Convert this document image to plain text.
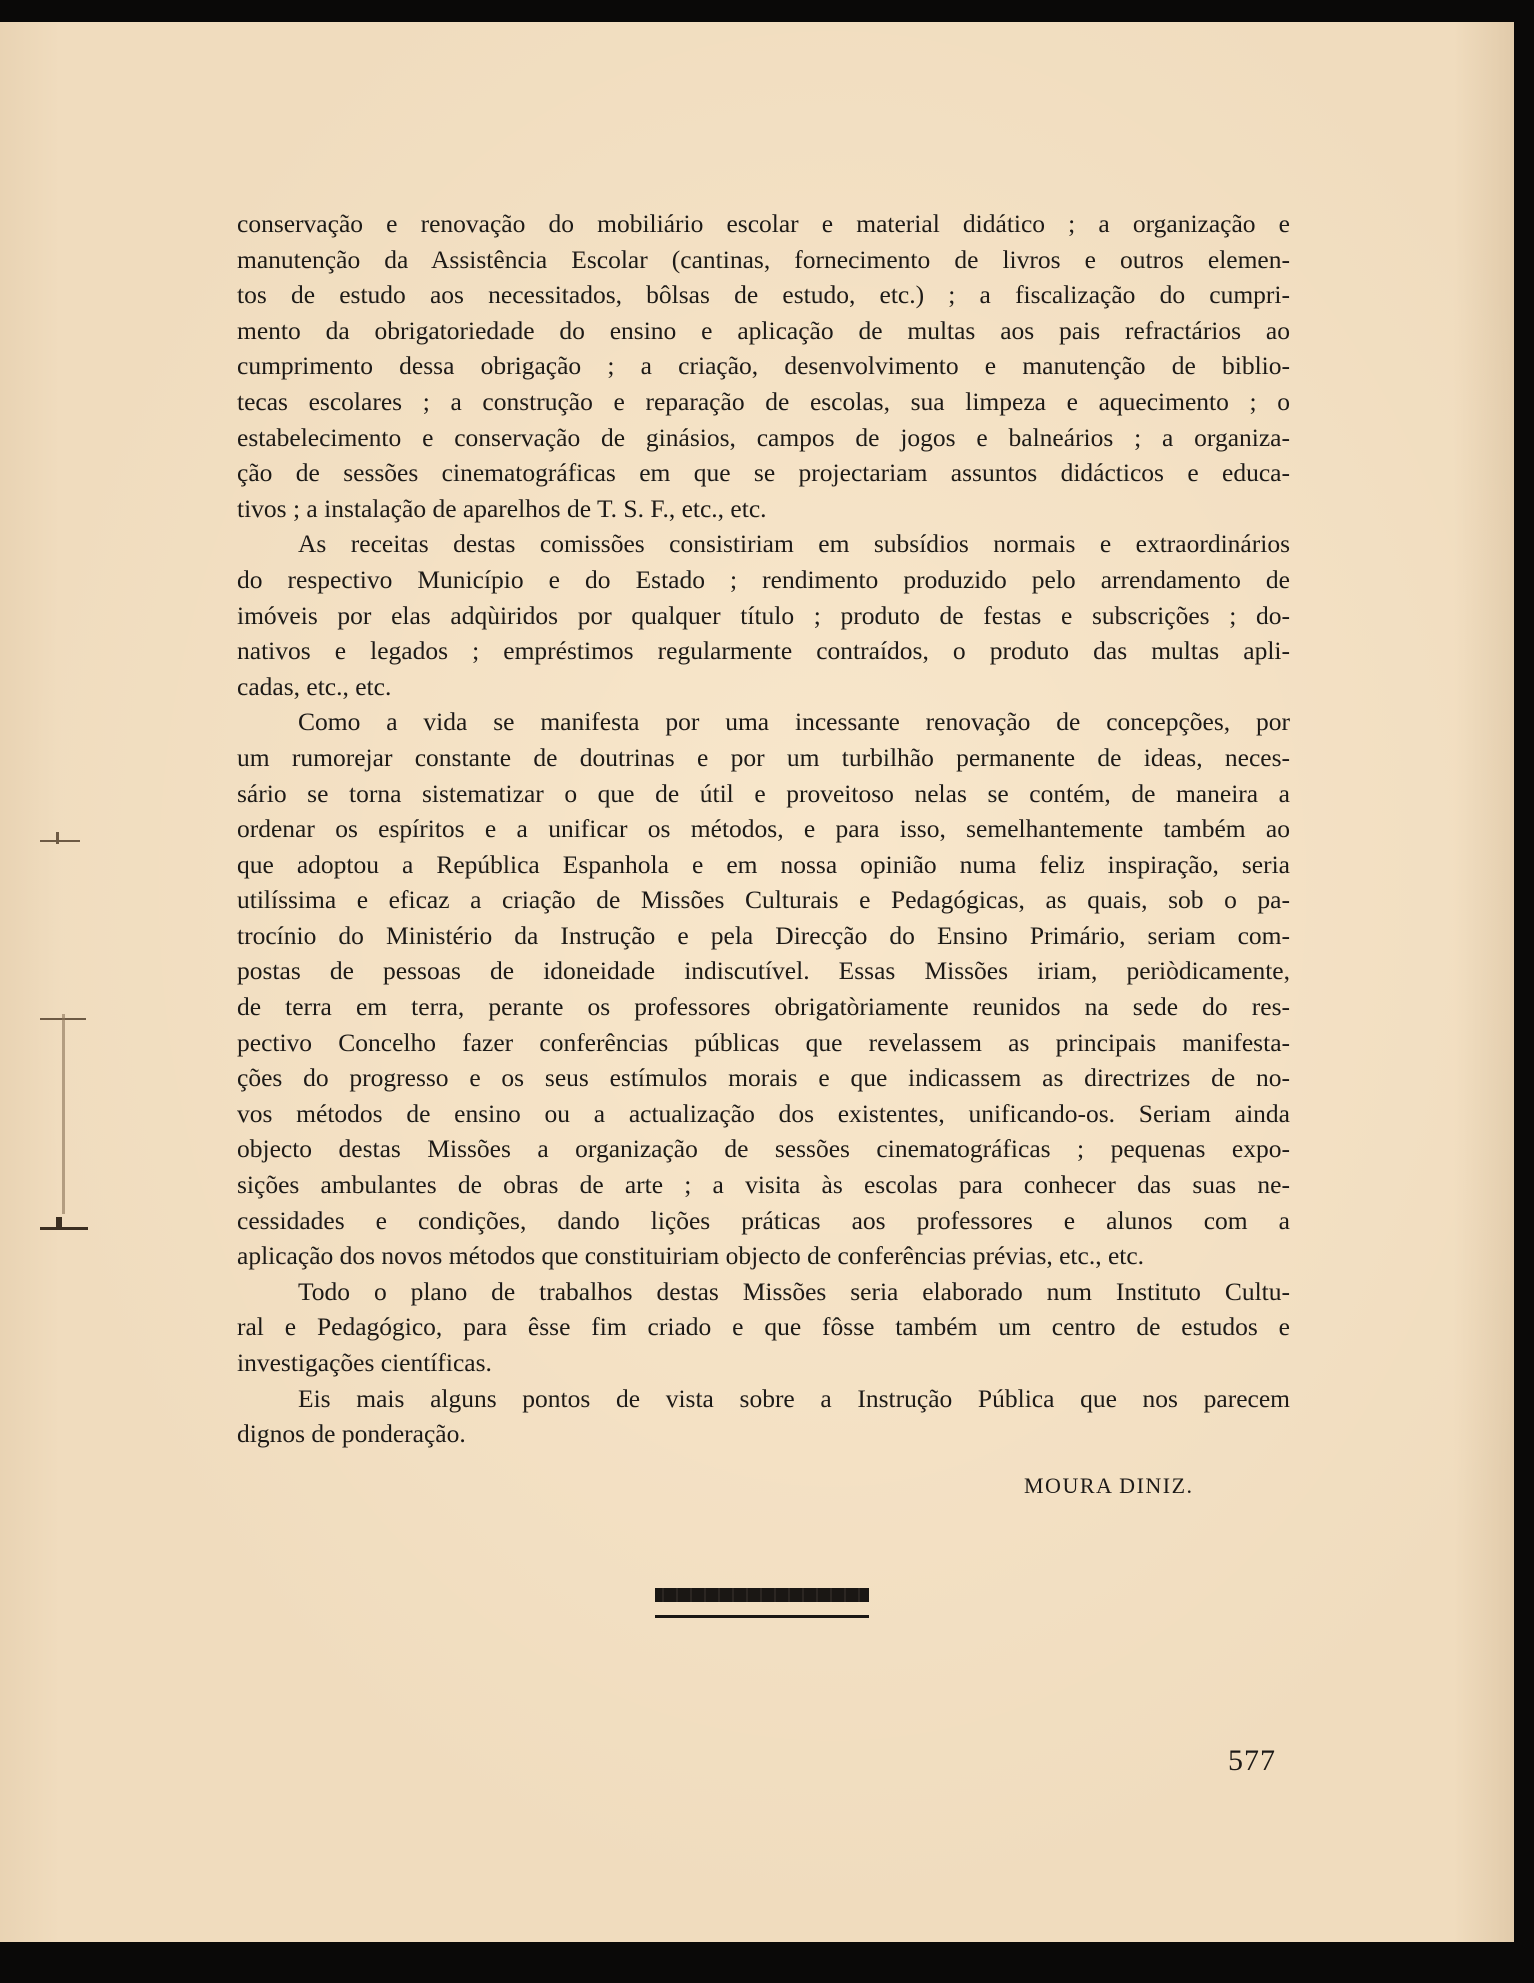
conservação e renovação do mobiliário escolar e material didático ; a organização e
manutenção da Assistência Escolar (cantinas, fornecimento de livros e outros elemen-
tos de estudo aos necessitados, bôlsas de estudo, etc.) ; a fiscalização do cumpri-
mento da obrigatoriedade do ensino e aplicação de multas aos pais refractários ao
cumprimento dessa obrigação ; a criação, desenvolvimento e manutenção de biblio-
tecas escolares ; a construção e reparação de escolas, sua limpeza e aquecimento ; o
estabelecimento e conservação de ginásios, campos de jogos e balneários ; a organiza-
ção de sessões cinematográficas em que se projectariam assuntos didácticos e educa-
tivos ; a instalação de aparelhos de T. S. F., etc., etc.

As receitas destas comissões consistiriam em subsídios normais e extraordinários
do respectivo Município e do Estado ; rendimento produzido pelo arrendamento de
imóveis por elas adqùiridos por qualquer título ; produto de festas e subscrições ; do-
nativos e legados ; empréstimos regularmente contraídos, o produto das multas apli-
cadas, etc., etc.

Como a vida se manifesta por uma incessante renovação de concepções, por
um rumorejar constante de doutrinas e por um turbilhão permanente de ideas, neces-
sário se torna sistematizar o que de útil e proveitoso nelas se contém, de maneira a
ordenar os espíritos e a unificar os métodos, e para isso, semelhantemente também ao
que adoptou a República Espanhola e em nossa opinião numa feliz inspiração, seria
utilíssima e eficaz a criação de Missões Culturais e Pedagógicas, as quais, sob o pa-
trocínio do Ministério da Instrução e pela Direcção do Ensino Primário, seriam com-
postas de pessoas de idoneidade indiscutível. Essas Missões iriam, periòdicamente,
de terra em terra, perante os professores obrigatòriamente reunidos na sede do res-
pectivo Concelho fazer conferências públicas que revelassem as principais manifesta-
ções do progresso e os seus estímulos morais e que indicassem as directrizes de no-
vos métodos de ensino ou a actualização dos existentes, unificando-os. Seriam ainda
objecto destas Missões a organização de sessões cinematográficas ; pequenas expo-
sições ambulantes de obras de arte ; a visita às escolas para conhecer das suas ne-
cessidades e condições, dando lições práticas aos professores e alunos com a
aplicação dos novos métodos que constituiriam objecto de conferências prévias, etc., etc.

Todo o plano de trabalhos destas Missões seria elaborado num Instituto Cultu-
ral e Pedagógico, para êsse fim criado e que fôsse também um centro de estudos e
investigações científicas.

Eis mais alguns pontos de vista sobre a Instrução Pública que nos parecem
dignos de ponderação.

MOURA DINIZ.
577
